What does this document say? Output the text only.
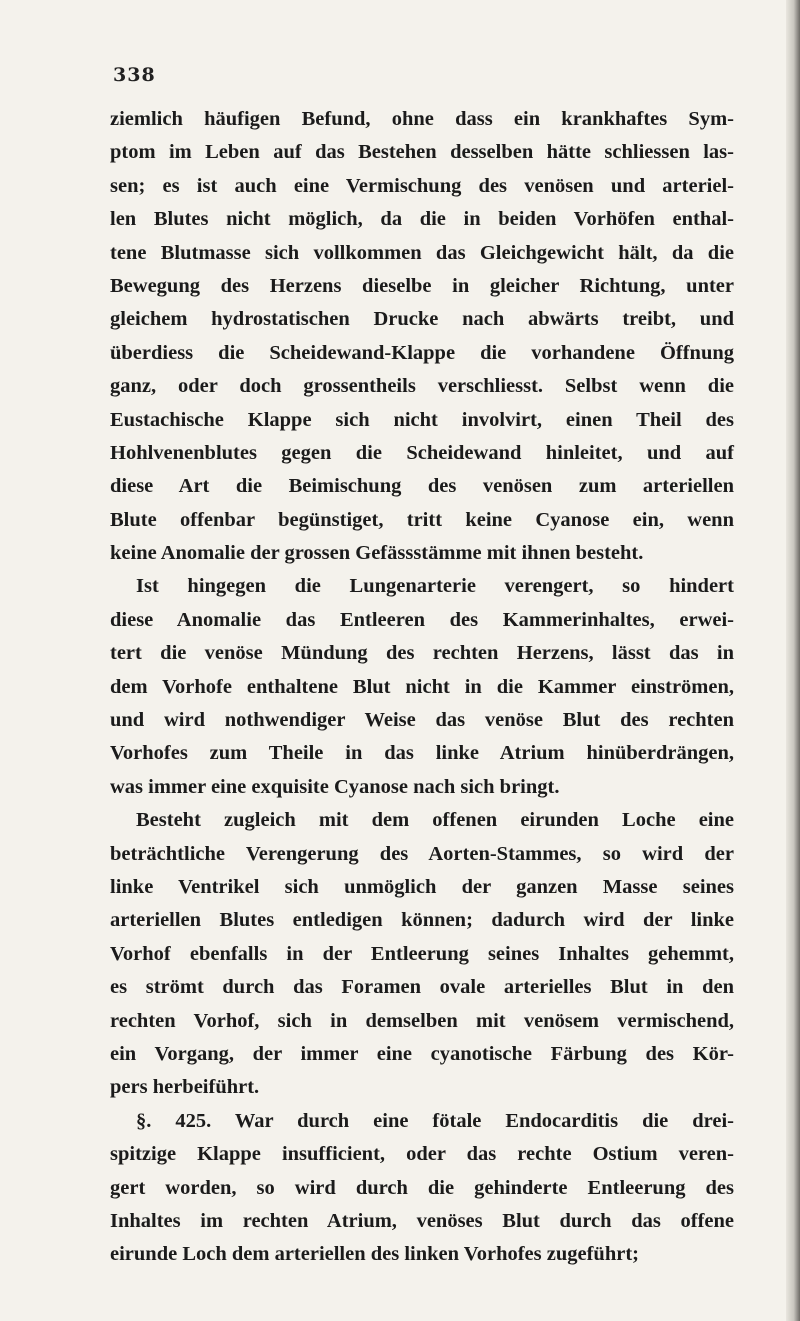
338
ziemlich häufigen Befund, ohne dass ein krankhaftes Sym-
ptom im Leben auf das Bestehen desselben hätte schliessen las-
sen; es ist auch eine Vermischung des venösen und arteriel-
len Blutes nicht möglich, da die in beiden Vorhöfen enthal-
tene Blutmasse sich vollkommen das Gleichgewicht hält, da die
Bewegung des Herzens dieselbe in gleicher Richtung, unter
gleichem hydrostatischen Drucke nach abwärts treibt, und
überdiess die Scheidewand-Klappe die vorhandene Öffnung
ganz, oder doch grossentheils verschliesst. Selbst wenn die
Eustachische Klappe sich nicht involvirt, einen Theil des
Hohlvenenblutes gegen die Scheidewand hinleitet, und auf
diese Art die Beimischung des venösen zum arteriellen
Blute offenbar begünstiget, tritt keine Cyanose ein, wenn
keine Anomalie der grossen Gefässstämme mit ihnen besteht.
Ist hingegen die Lungenarterie verengert, so hindert
diese Anomalie das Entleeren des Kammerinhaltes, erwei-
tert die venöse Mündung des rechten Herzens, lässt das in
dem Vorhofe enthaltene Blut nicht in die Kammer einströmen,
und wird nothwendiger Weise das venöse Blut des rechten
Vorhofes zum Theile in das linke Atrium hinüberdrängen,
was immer eine exquisite Cyanose nach sich bringt.
Besteht zugleich mit dem offenen eirunden Loche eine
beträchtliche Verengerung des Aorten-Stammes, so wird der
linke Ventrikel sich unmöglich der ganzen Masse seines
arteriellen Blutes entledigen können; dadurch wird der linke
Vorhof ebenfalls in der Entleerung seines Inhaltes gehemmt,
es strömt durch das Foramen ovale arterielles Blut in den
rechten Vorhof, sich in demselben mit venösem vermischend,
ein Vorgang, der immer eine cyanotische Färbung des Kör-
pers herbeiführt.
§. 425. War durch eine fötale Endocarditis die drei-
spitzige Klappe insufficient, oder das rechte Ostium veren-
gert worden, so wird durch die gehinderte Entleerung des
Inhaltes im rechten Atrium, venöses Blut durch das offene
eirunde Loch dem arteriellen des linken Vorhofes zugeführt;
